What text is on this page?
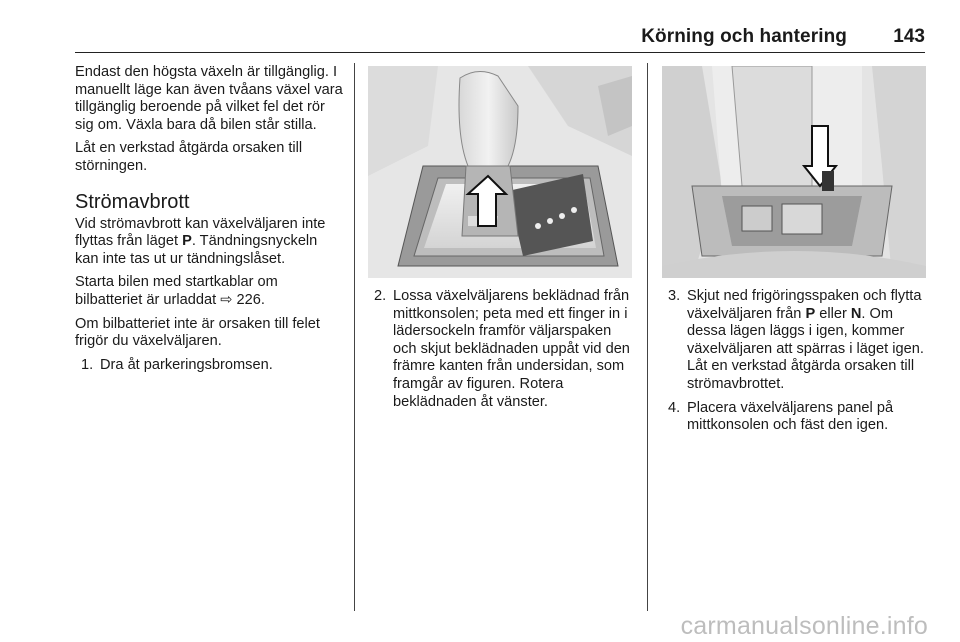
Körning och hantering 143

Endast den högsta växeln är tillgänglig. I manuellt läge kan även tvåans växel vara tillgänglig beroende på vilket fel det rör sig om. Växla bara då bilen står stilla.

Låt en verkstad åtgärda orsaken till störningen.

Strömavbrott

Vid strömavbrott kan växelväljaren inte flyttas från läget P. Tändningsnyckeln kan inte tas ut ur tändningslåset.

Starta bilen med startkablar om bilbatteriet är urladdat ⇨ 226.

Om bilbatteriet inte är orsaken till felet frigör du växelväljaren.

1. Dra åt parkeringsbromsen.
2. Lossa växelväljarens beklädnad från mittkonsolen; peta med ett finger in i lädersockeln framför väljarspaken och skjut beklädnaden uppåt vid den främre kanten från undersidan, som framgår av figuren. Rotera beklädnaden åt vänster.
3. Skjut ned frigöringsspaken och flytta växelväljaren från P eller N. Om dessa lägen läggs i igen, kommer växelväljaren att spärras i läget igen. Låt en verkstad åtgärda orsaken till strömavbrottet.
4. Placera växelväljarens panel på mittkonsolen och fäst den igen.
carmanualsonline.info
